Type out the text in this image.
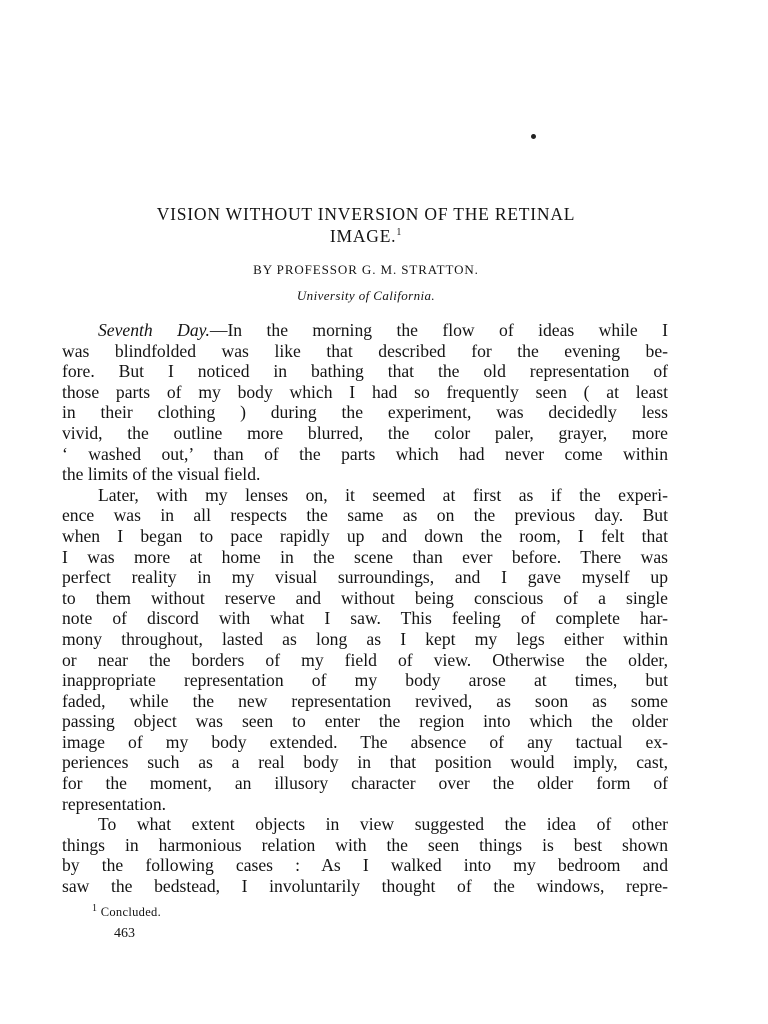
VISION WITHOUT INVERSION OF THE RETINAL
IMAGE.$^1$
BY PROFESSOR G. M. STRATTON.
University of California.
Seventh Day.—In the morning the flow of ideas while I
was blindfolded was like that described for the evening be-
fore. But I noticed in bathing that the old representation of
those parts of my body which I had so frequently seen ( at least
in their clothing ) during the experiment, was decidedly less
vivid, the outline more blurred, the color paler, grayer, more
‘ washed out,’ than of the parts which had never come within
the limits of the visual field.
Later, with my lenses on, it seemed at first as if the experi-
ence was in all respects the same as on the previous day. But
when I began to pace rapidly up and down the room, I felt that
I was more at home in the scene than ever before. There was
perfect reality in my visual surroundings, and I gave myself up
to them without reserve and without being conscious of a single
note of discord with what I saw. This feeling of complete har-
mony throughout, lasted as long as I kept my legs either within
or near the borders of my field of view. Otherwise the older,
inappropriate representation of my body arose at times, but
faded, while the new representation revived, as soon as some
passing object was seen to enter the region into which the older
image of my body extended. The absence of any tactual ex-
periences such as a real body in that position would imply, cast,
for the moment, an illusory character over the older form of
representation.
To what extent objects in view suggested the idea of other
things in harmonious relation with the seen things is best shown
by the following cases : As I walked into my bedroom and
saw the bedstead, I involuntarily thought of the windows, repre-
$^1$ Concluded.
463
